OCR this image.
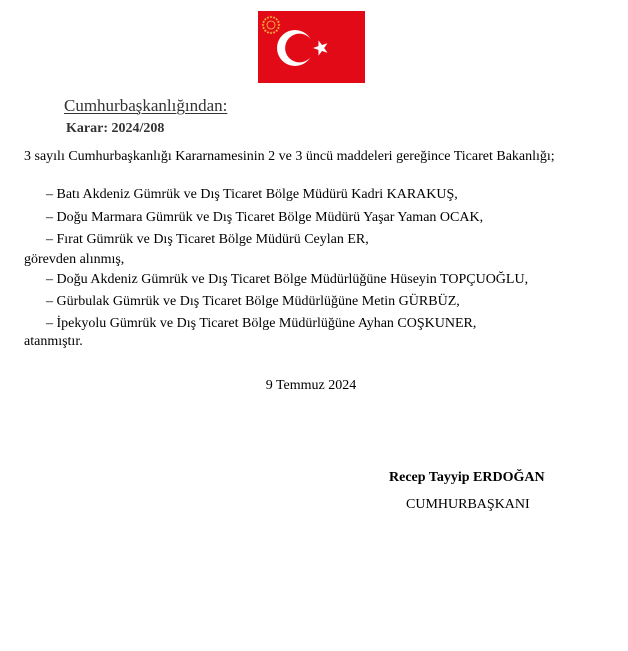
Cumhurbaşkanlığından:
Karar: 2024/208
3 sayılı Cumhurbaşkanlığı Kararnamesinin 2 ve 3 üncü maddeleri gereğince Ticaret Bakanlığı;
– Batı Akdeniz Gümrük ve Dış Ticaret Bölge Müdürü Kadri KARAKUŞ,
– Doğu Marmara Gümrük ve Dış Ticaret Bölge Müdürü Yaşar Yaman OCAK,
– Fırat Gümrük ve Dış Ticaret Bölge Müdürü Ceylan ER,
görevden alınmış,
– Doğu Akdeniz Gümrük ve Dış Ticaret Bölge Müdürlüğüne Hüseyin TOPÇUOĞLU,
– Gürbulak Gümrük ve Dış Ticaret Bölge Müdürlüğüne Metin GÜRBÜZ,
– İpekyolu Gümrük ve Dış Ticaret Bölge Müdürlüğüne Ayhan COŞKUNER,
atanmıştır.
9 Temmuz 2024
Recep Tayyip ERDOĞAN
CUMHURBAŞKANI
